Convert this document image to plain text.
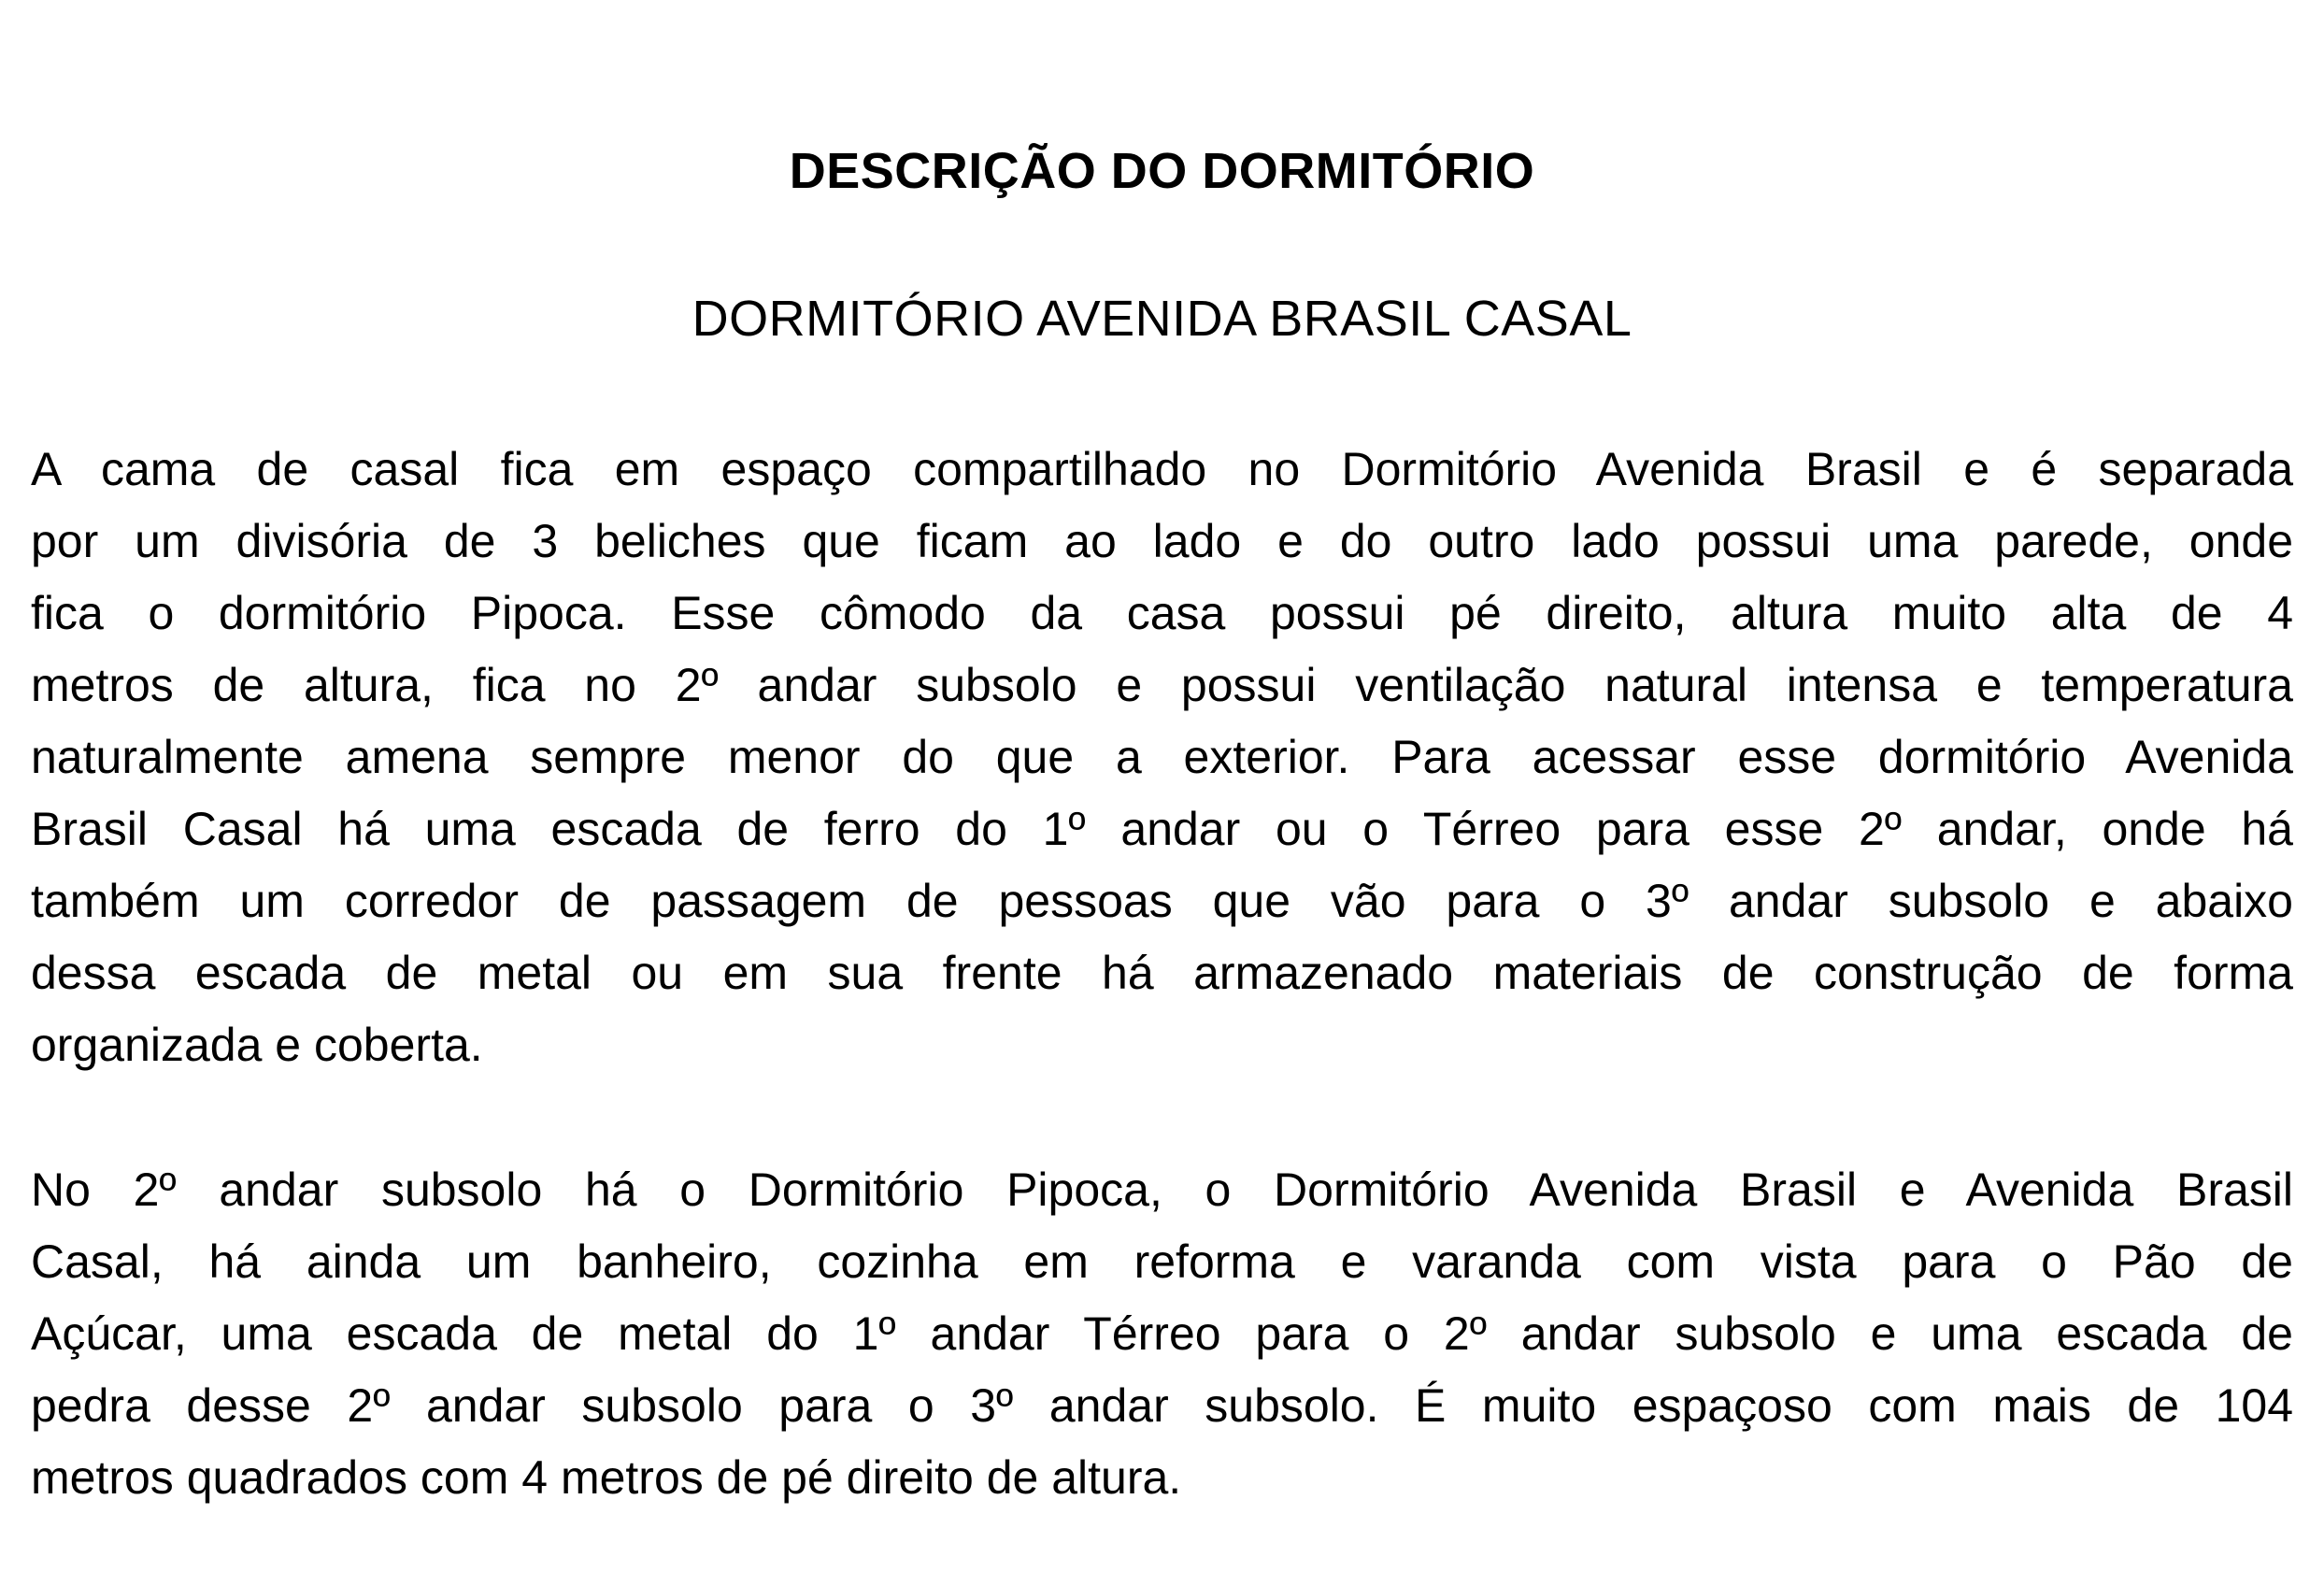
DESCRIÇÃO DO DORMITÓRIO
DORMITÓRIO AVENIDA BRASIL CASAL
A cama de casal fica em espaço compartilhado no Dormitório Avenida Brasil e é separada
por um divisória de 3 beliches que ficam ao lado e do outro lado possui uma parede, onde
fica o dormitório Pipoca. Esse cômodo da casa possui pé direito, altura muito alta de 4
metros de altura, fica no 2º andar subsolo e possui ventilação natural intensa e temperatura
naturalmente amena sempre menor do que a exterior. Para acessar esse dormitório Avenida
Brasil Casal há uma escada de ferro do 1º andar ou o Térreo para esse 2º andar, onde há
também um corredor de passagem de pessoas que vão para o 3º andar subsolo e abaixo
dessa escada de metal ou em sua frente há armazenado materiais de construção de forma
organizada e coberta.
No 2º andar subsolo há o Dormitório Pipoca, o Dormitório Avenida Brasil e Avenida Brasil
Casal, há ainda um banheiro, cozinha em reforma e varanda com vista para o Pão de
Açúcar, uma escada de metal do 1º andar Térreo para o 2º andar subsolo e uma escada de
pedra desse 2º andar subsolo para o 3º andar subsolo. É muito espaçoso com mais de 104
metros quadrados com 4 metros de pé direito de altura.
